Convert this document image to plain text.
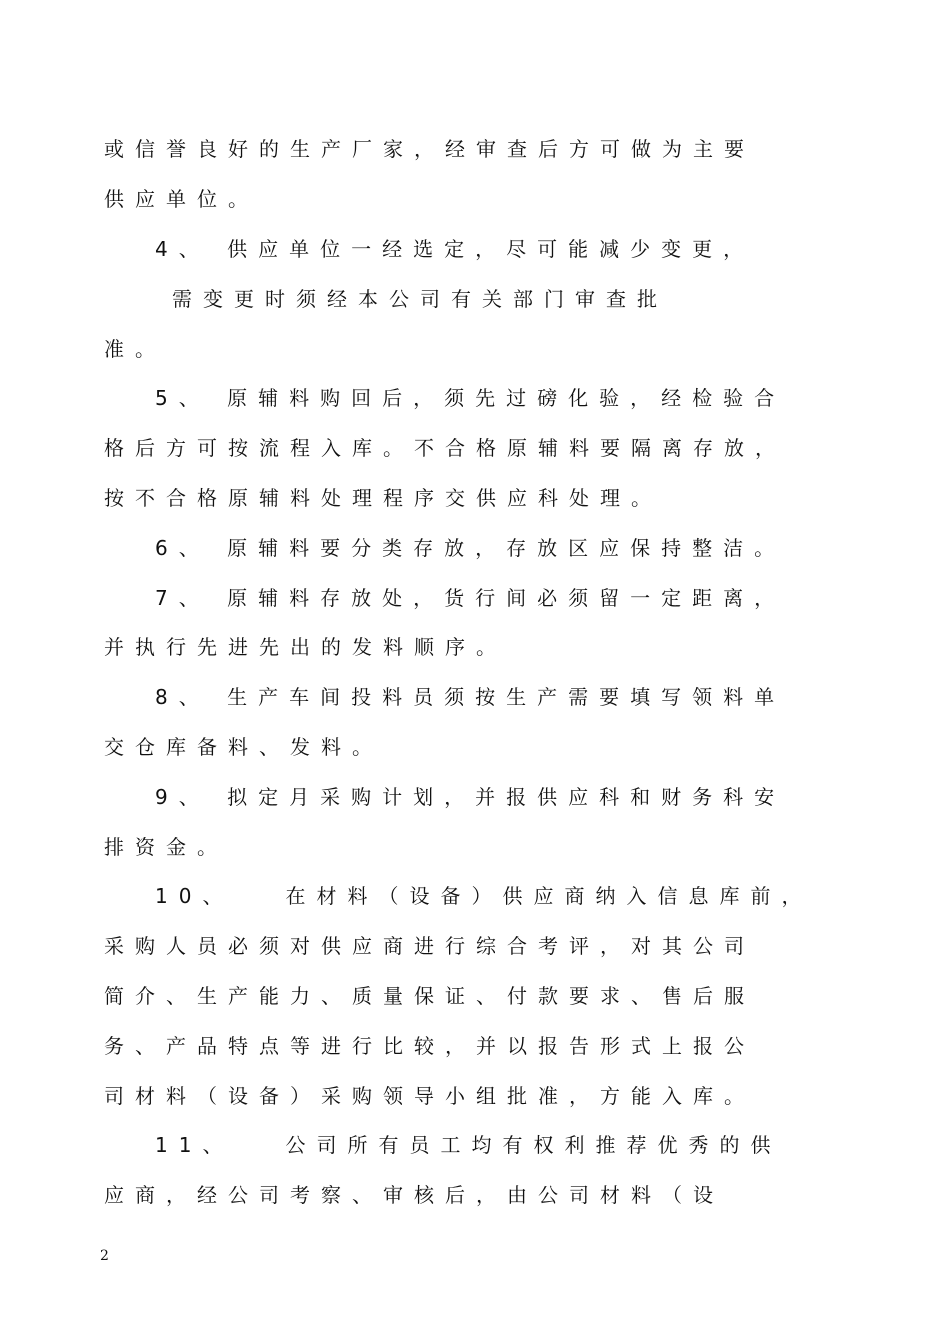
或信誉良好的生产厂家，经审查后方可做为主要

供应单位。

4、 供应单位一经选定，尽可能减少变更，

需变更时须经本公司有关部门审查批

准。

5、 原辅料购回后，须先过磅化验，经检验合

格后方可按流程入库。不合格原辅料要隔离存放，

按不合格原辅料处理程序交供应科处理。

6、 原辅料要分类存放，存放区应保持整洁。

7、 原辅料存放处，货行间必须留一定距离，

并执行先进先出的发料顺序。

8、 生产车间投料员须按生产需要填写领料单

交仓库备料、发料。

9、 拟定月采购计划，并报供应科和财务科安

排资金。

10、   在材料（设备）供应商纳入信息库前，

采购人员必须对供应商进行综合考评，对其公司

简介、生产能力、质量保证、付款要求、售后服

务、产品特点等进行比较，并以报告形式上报公

司材料（设备）采购领导小组批准，方能入库。

11、   公司所有员工均有权利推荐优秀的供

应商，经公司考察、审核后，由公司材料（设

2
